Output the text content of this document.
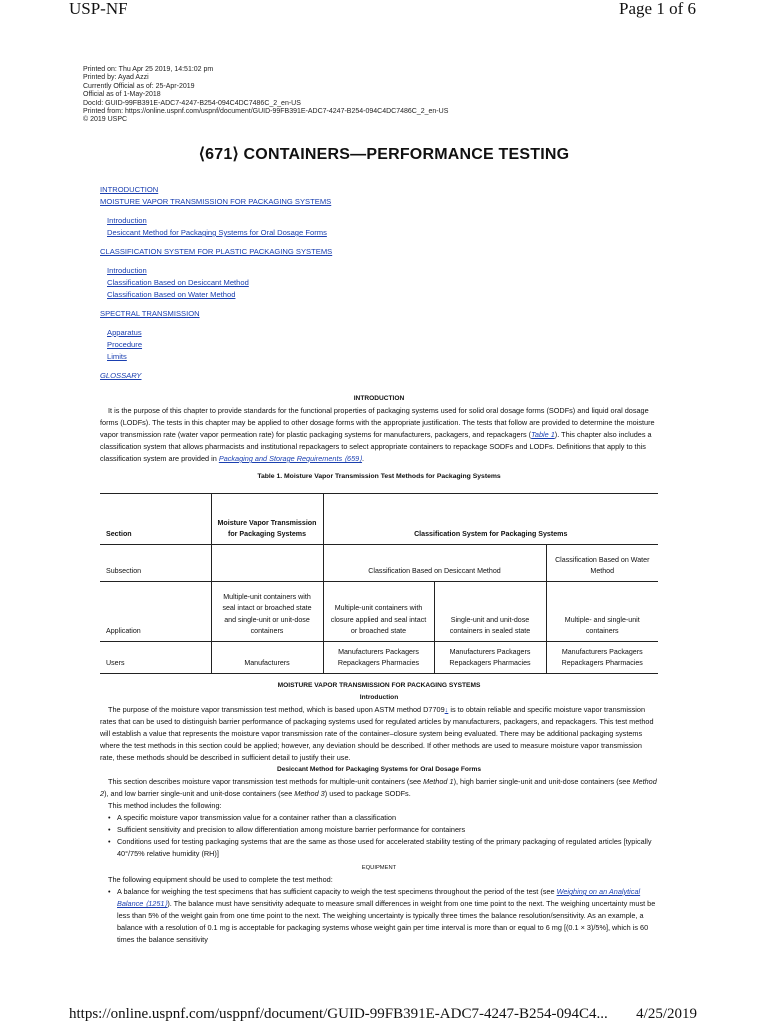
USP-NF	Page 1 of 6
Printed on: Thu Apr 25 2019, 14:51:02 pm
Printed by: Ayad Azzi
Currently Official as of: 25-Apr-2019
Official as of 1-May-2018
DocId: GUID-99FB391E-ADC7-4247-B254-094C4DC7486C_2_en-US
Printed from: https://online.uspnf.com/uspnf/document/GUID-99FB391E-ADC7-4247-B254-094C4DC7486C_2_en-US
© 2019 USPC
⟨671⟩ CONTAINERS—PERFORMANCE TESTING
INTRODUCTION
MOISTURE VAPOR TRANSMISSION FOR PACKAGING SYSTEMS
Introduction
Desiccant Method for Packaging Systems for Oral Dosage Forms
CLASSIFICATION SYSTEM FOR PLASTIC PACKAGING SYSTEMS
Introduction
Classification Based on Desiccant Method
Classification Based on Water Method
SPECTRAL TRANSMISSION
Apparatus
Procedure
Limits
GLOSSARY
INTRODUCTION

It is the purpose of this chapter to provide standards for the functional properties of packaging systems used for solid oral dosage forms (SODFs) and liquid oral dosage forms (LODFs). The tests in this chapter may be applied to other dosage forms with the appropriate justification. The tests that follow are provided to determine the moisture vapor transmission rate (water vapor permeation rate) for plastic packaging systems for manufacturers, packagers, and repackagers (Table 1). This chapter also includes a classification system that allows pharmacists and institutional repackagers to select appropriate containers to repackage SODFs and LODFs. Definitions that apply to this classification system are provided in Packaging and Storage Requirements ⟨659⟩.

Table 1. Moisture Vapor Transmission Test Methods for Packaging Systems
Section	Moisture Vapor Transmission for Packaging Systems	Classification System for Packaging Systems		
Subsection		Classification Based on Desiccant Method		Classification Based on Water Method
Application	Multiple-unit containers with seal intact or broached state and single-unit or unit-dose containers	Multiple-unit containers with closure applied and seal intact or broached state	Single-unit and unit-dose containers in sealed state	Multiple- and single-unit containers
Users	Manufacturers	Manufacturers Packagers Repackagers Pharmacies	Manufacturers Packagers Repackagers Pharmacies	Manufacturers Packagers Repackagers Pharmacies
MOISTURE VAPOR TRANSMISSION FOR PACKAGING SYSTEMS
Introduction

The purpose of the moisture vapor transmission test method, which is based upon ASTM method D7709↓ is to obtain reliable and specific moisture vapor transmission rates that can be used to distinguish barrier performance of packaging systems used for regulated articles by manufacturers, packagers, and repackagers. This test method will establish a value that represents the moisture vapor transmission rate of the container–closure system being evaluated. There may be additional packaging systems where the test methods in this section could be applied; however, any deviation should be described. If other methods are used to measure moisture vapor transmission rate, these methods should be described in sufficient detail to justify their use.

Desiccant Method for Packaging Systems for Oral Dosage Forms

This section describes moisture vapor transmission test methods for multiple-unit containers (see Method 1), high barrier single-unit and unit-dose containers (see Method 2), and low barrier single-unit and unit-dose containers (see Method 3) used to package SODFs.

This method includes the following:

• A specific moisture vapor transmission value for a container rather than a classification
• Sufficient sensitivity and precision to allow differentiation among moisture barrier performance for containers
• Conditions used for testing packaging systems that are the same as those used for accelerated stability testing of the primary packaging of regulated articles [typically 40°/75% relative humidity (RH)]
EQUIPMENT

The following equipment should be used to complete the test method:

• A balance for weighing the test specimens that has sufficient capacity to weigh the test specimens throughout the period of the test (see Weighing on an Analytical Balance ⟨1251⟩). The balance must have sensitivity adequate to measure small differences in weight from one time point to the next. The weighing uncertainty must be less than 5% of the weight gain from one time point to the next. The weighing uncertainty is typically three times the balance resolution/sensitivity. As an example, a balance with a resolution of 0.1 mg is acceptable for packaging systems whose weight gain per time interval is more than or equal to 6 mg [(0.1 × 3)/5%], which is 60 times the balance sensitivity
https://online.uspnf.com/usppnf/document/GUID-99FB391E-ADC7-4247-B254-094C4...	4/25/2019
